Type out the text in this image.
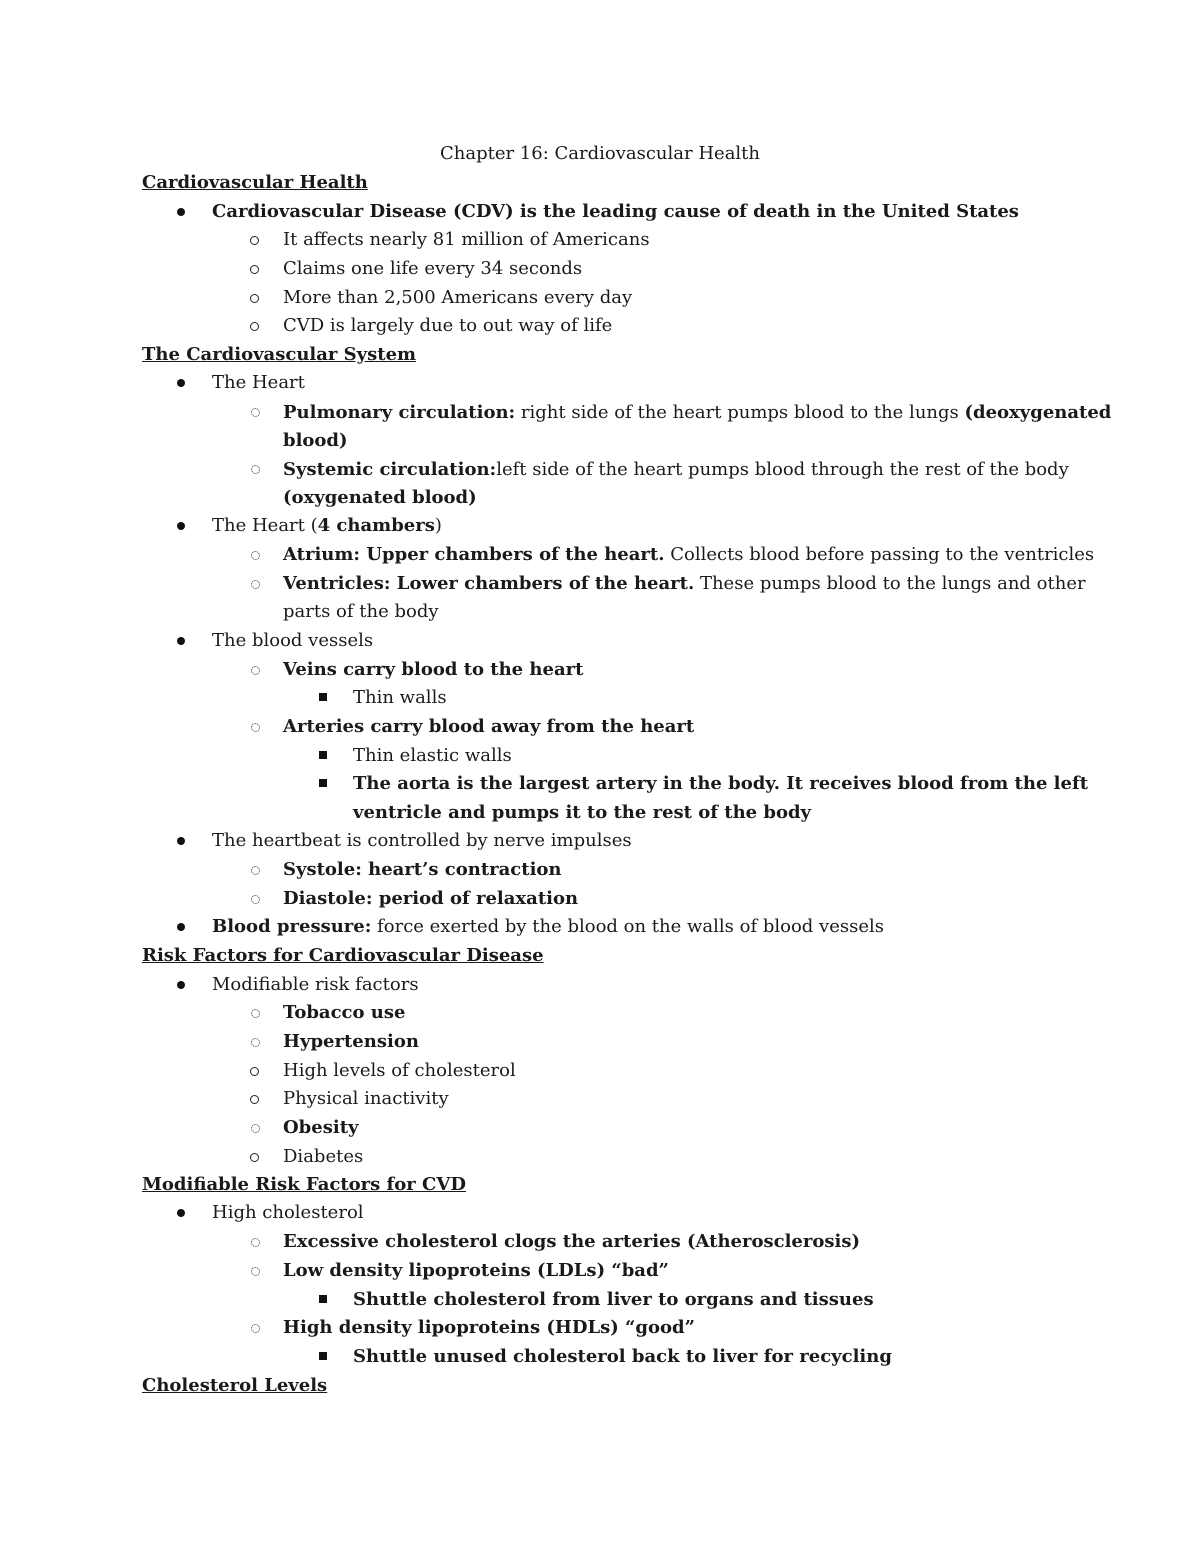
Chapter 16: Cardiovascular Health
Cardiovascular Health
Cardiovascular Disease (CDV) is the leading cause of death in the United States
It affects nearly 81 million of Americans
Claims one life every 34 seconds
More than 2,500 Americans every day
CVD is largely due to out way of life
The Cardiovascular System
The Heart
Pulmonary circulation: right side of the heart pumps blood to the lungs (deoxygenated
blood)
Systemic circulation:left side of the heart pumps blood through the rest of the body
(oxygenated blood)
The Heart (4 chambers)
Atrium: Upper chambers of the heart. Collects blood before passing to the ventricles
Ventricles: Lower chambers of the heart. These pumps blood to the lungs and other
parts of the body
The blood vessels
Veins carry blood to the heart
Thin walls
Arteries carry blood away from the heart
Thin elastic walls
The aorta is the largest artery in the body. It receives blood from the left
ventricle and pumps it to the rest of the body
The heartbeat is controlled by nerve impulses
Systole: heart’s contraction
Diastole: period of relaxation
Blood pressure: force exerted by the blood on the walls of blood vessels
Risk Factors for Cardiovascular Disease
Modifiable risk factors
Tobacco use
Hypertension
High levels of cholesterol
Physical inactivity
Obesity
Diabetes
Modifiable Risk Factors for CVD
High cholesterol
Excessive cholesterol clogs the arteries (Atherosclerosis)
Low density lipoproteins (LDLs) “bad”
Shuttle cholesterol from liver to organs and tissues
High density lipoproteins (HDLs) “good”
Shuttle unused cholesterol back to liver for recycling
Cholesterol Levels
